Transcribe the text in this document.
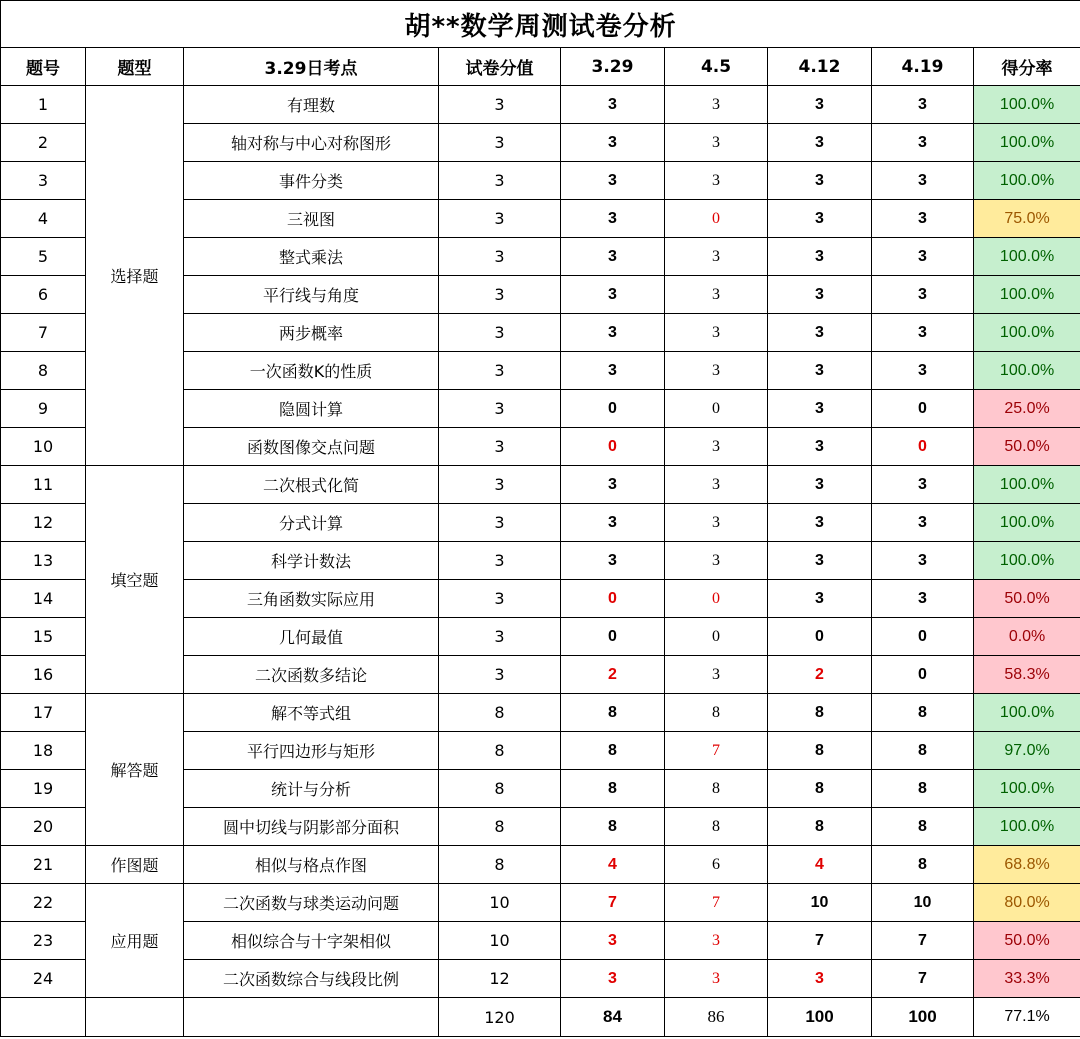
胡**数学周测试卷分析								
题号	题型	3.29日考点	试卷分值	3.29	4.5	4.12	4.19	得分率
1	选择题	有理数	3	3	3	3	3	100.0%
2		轴对称与中心对称图形	3	3	3	3	3	100.0%
3		事件分类	3	3	3	3	3	100.0%
4		三视图	3	3	0	3	3	75.0%
5		整式乘法	3	3	3	3	3	100.0%
6		平行线与角度	3	3	3	3	3	100.0%
7		两步概率	3	3	3	3	3	100.0%
8		一次函数K的性质	3	3	3	3	3	100.0%
9		隐圆计算	3	0	0	3	0	25.0%
10		函数图像交点问题	3	0	3	3	0	50.0%
11	填空题	二次根式化简	3	3	3	3	3	100.0%
12		分式计算	3	3	3	3	3	100.0%
13		科学计数法	3	3	3	3	3	100.0%
14		三角函数实际应用	3	0	0	3	3	50.0%
15		几何最值	3	0	0	0	0	0.0%
16		二次函数多结论	3	2	3	2	0	58.3%
17	解答题	解不等式组	8	8	8	8	8	100.0%
18		平行四边形与矩形	8	8	7	8	8	97.0%
19		统计与分析	8	8	8	8	8	100.0%
20		圆中切线与阴影部分面积	8	8	8	8	8	100.0%
21	作图题	相似与格点作图	8	4	6	4	8	68.8%
22	应用题	二次函数与球类运动问题	10	7	7	10	10	80.0%
23		相似综合与十字架相似	10	3	3	7	7	50.0%
24		二次函数综合与线段比例	12	3	3	3	7	33.3%
			120	84	86	100	100	77.1%
